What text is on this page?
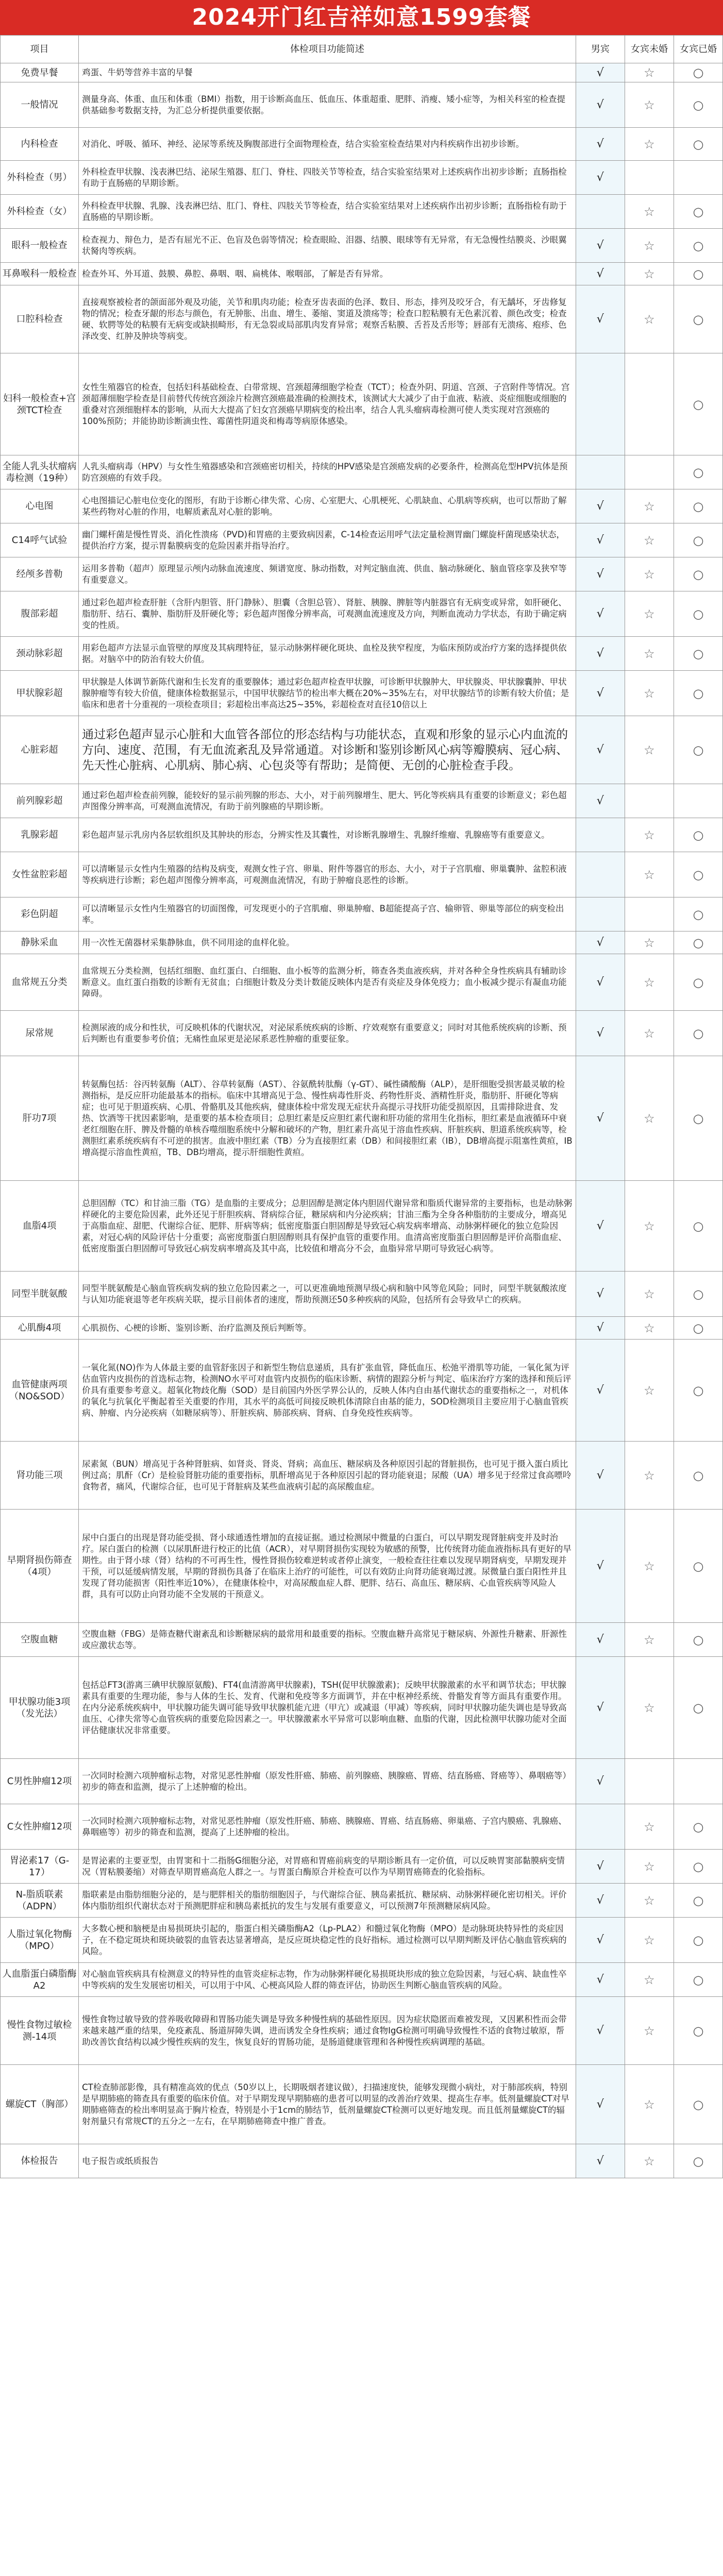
2024开门红吉祥如意1599套餐
项目	体检项目功能简述	男宾	女宾未婚	女宾已婚
免费早餐	鸡蛋、牛奶等营养丰富的早餐	√	☆	○
一般情况	测量身高、体重、血压和体重（BMI）指数，用于诊断高血压、低血压、体重超重、肥胖、消瘦、矮小症等，为相关科室的检查提供基础参考数据支持，为汇总分析提供重要依据。	√	☆	○
内科检查	对消化、呼吸、循环、神经、泌尿等系统及胸腹部进行全面物理检查，结合实验室检查结果对内科疾病作出初步诊断。	√	☆	○
外科检查（男）	外科检查甲状腺、浅表淋巴结、泌尿生殖器、肛门、脊柱、四肢关节等检查，结合实验室结果对上述疾病作出初步诊断；直肠指检有助于直肠癌的早期诊断。	√		
外科检查（女）	外科检查甲状腺、乳腺、浅表淋巴结、肛门、脊柱、四肢关节等检查，结合实验室结果对上述疾病作出初步诊断；直肠指检有助于直肠癌的早期诊断。		☆	○
眼科一般检查	检查视力、辩色力，是否有屈光不正、色盲及色弱等情况；检查眼睑、泪器、结膜、眼球等有无异常，有无急慢性结膜炎、沙眼翼状胬肉等疾病。	√	☆	○
耳鼻喉科一般检查	检查外耳、外耳道、鼓膜、鼻腔、鼻咽、咽、扁桃体、喉咽部，了解是否有异常。	√	☆	○
口腔科检查	直接观察被检者的颌面部外观及功能，关节和肌肉功能；检查牙齿表面的色泽、数目、形态，排列及咬牙合，有无龋坏，牙齿修复物的情况；检查牙龈的形态与颜色，有无肿胀、出血、增生、萎缩、窦道及溃疡等；检查口腔粘膜有无色素沉着、颜色改变；检查硬、软腭等处的粘膜有无病变或缺损畸形，有无急裂或局部肌肉发育异常；观察舌粘膜、舌苔及舌形等；唇部有无溃疡、疱疹、色泽改变、红肿及肿块等病变。	√	☆	○
妇科一般检查+宫颈TCT检查	女性生殖器官的检查，包括妇科基础检查、白带常规、宫颈超薄细胞学检查（TCT）；检查外阴、阴道、宫颈、子宫附件等情况。宫颈超薄细胞学检查是目前替代传统宫颈涂片检测宫颈癌最准确的检测技术，该测试大大减少了由于血液、粘液、炎症细胞或细胞的重叠对宫颈细胞样本的影响，从而大大提高了妇女宫颈癌早期病变的检出率，结合人乳头瘤病毒检测可使人类实现对宫颈癌的100%预防；并能协助诊断滴虫性、霉菌性阴道炎和梅毒等病原体感染。			○
全能人乳头状瘤病毒检测（19种）	人乳头瘤病毒（HPV）与女性生殖器感染和宫颈癌密切相关，持续的HPV感染是宫颈癌发病的必要条件，检测高危型HPV抗体是预防宫颈癌的有效手段。			○
心电图	心电图描记心脏电位变化的图形，有助于诊断心律失常、心房、心室肥大、心肌梗死、心肌缺血、心肌病等疾病，也可以帮助了解某些药物对心脏的作用，电解质紊乱对心脏的影响。	√	☆	○
C14呼气试验	幽门螺杆菌是慢性胃炎、消化性溃疡（PVD)和胃癌的主要致病因素，C-14检查运用呼气法定量检测胃幽门螺旋杆菌现感染状态，提供治疗方案，提示胃黏膜病变的危险因素并指导治疗。	√	☆	○
经颅多普勒	运用多普勒（超声）原理显示颅内动脉血流速度、频谱宽度、脉动指数，对判定脑血流、供血、脑动脉硬化、脑血管痉挛及狭窄等有重要意义。	√	☆	○
腹部彩超	通过彩色超声检查肝脏（含肝内胆管、肝门静脉）、胆囊（含胆总管）、肾脏、胰腺、脾脏等内脏器官有无病变或异常，如肝硬化、脂肪肝、结石、囊肿、脂肪肝及肝硬化等；彩色超声图像分辨率高，可观测血流速度及方向，判断血流动力学状态，有助于确定病变的性质。	√	☆	○
颈动脉彩超	用彩色超声方法显示血管壁的厚度及其病理特征，显示动脉粥样硬化斑块、血栓及狭窄程度，为临床预防或治疗方案的选择提供依据。对脑卒中的防治有较大价值。	√	☆	○
甲状腺彩超	甲状腺是人体调节新陈代谢和生长发育的重要腺体；通过彩色超声检查甲状腺，可诊断甲状腺肿大、甲状腺炎、甲状腺囊肿、甲状腺肿瘤等有较大价值，健康体检数据显示，中国甲状腺结节的检出率大概在20%~35%左右，对甲状腺结节的诊断有较大价值；是临床和患者十分重视的一项检查项目；彩超检出率高达25~35%，彩超检查对直径10倍以上	√	☆	○
心脏彩超	通过彩色超声显示心脏和大血管各部位的形态结构与功能状态，直观和形象的显示心内血流的方向、速度、范围，有无血流紊乱及异常通道。对诊断和鉴别诊断风心病等瓣膜病、冠心病、先天性心脏病、心肌病、肺心病、心包炎等有帮助；是简便、无创的心脏检查手段。	√	☆	○
前列腺彩超	通过彩色超声检查前列腺，能较好的显示前列腺的形态、大小，对于前列腺增生、肥大、钙化等疾病具有重要的诊断意义；彩色超声图像分辨率高，可观测血流情况，有助于前列腺癌的早期诊断。	√		
乳腺彩超	彩色超声显示乳房内各层软组织及其肿块的形态，分辨实性及其囊性，对诊断乳腺增生、乳腺纤维瘤、乳腺癌等有重要意义。		☆	○
女性盆腔彩超	可以清晰显示女性内生殖器的结构及病变，观测女性子宫、卵巢、附件等器官的形态、大小，对于子宫肌瘤、卵巢囊肿、盆腔积液等疾病进行诊断；彩色超声图像分辨率高，可观测血流情况，有助于肿瘤良恶性的诊断。		☆	○
彩色阴超	可以清晰显示女性内生殖器官的切面图像，可发现更小的子宫肌瘤、卵巢肿瘤、B超能提高子宫、输卵管、卵巢等部位的病变检出率。			○
静脉采血	用一次性无菌器材采集静脉血，供不同用途的血样化验。	√	☆	○
血常规五分类	血常规五分类检测，包括红细胞、血红蛋白、白细胞、血小板等的监测分析，筛查各类血液疾病，并对各种全身性疾病具有辅助诊断意义。血红蛋白指数的诊断有无贫血；白细胞计数及分类计数能反映体内是否有炎症及身体免疫力；血小板减少提示有凝血功能障碍。	√	☆	○
尿常规	检测尿液的成分和性状，可反映机体的代谢状况，对泌尿系统疾病的诊断、疗效观察有重要意义；同时对其他系统疾病的诊断、预后判断也有重要参考价值；无痛性血尿更是泌尿系恶性肿瘤的重要征象。	√	☆	○
肝功7项	转氨酶包括：谷丙转氨酶（ALT）、谷草转氨酶（AST）、谷氨酰转肽酶（γ-GT）、碱性磷酸酶（ALP），是肝细胞受损害最灵敏的检测指标，是反应肝功能最基本的指标。临床中其增高见于急、慢性病毒性肝炎、药物性肝炎、酒精性肝炎，脂肪肝、肝硬化等病症；也可见于胆道疾病、心肌、骨骼肌及其他疾病，健康体检中常发现无症状升高提示寻找肝功能受损原因，且需排除进食、发热、饮酒等干扰因素影响，是重要的基本检查项目；总胆红素是反应胆红素代谢和肝功能的常用生化指标，胆红素是血液循环中衰老红细胞在肝、脾及骨髓的单核吞噬细胞系统中分解和破坏的产物，胆红素升高见于溶血性疾病、肝脏疾病、胆道系统疾病等，检测胆红素系统疾病有不可逆的损害。血液中胆红素（TB）分为直接胆红素（DB）和间接胆红素（IB），DB增高提示阻塞性黄疸，IB增高提示溶血性黄疸，TB、DB均增高，提示肝细胞性黄疸。	√	☆	○
血脂4项	总胆固醇（TC）和甘油三脂（TG）是血脂的主要成分；总胆固醇是测定体内胆固代谢异常和脂质代谢异常的主要指标，也是动脉粥样硬化的主要危险因素，此外还见于肝胆疾病、肾病综合征，糖尿病和内分泌疾病；甘油三酯为全身各种脂肪的主要成分，增高见于高脂血症、甜肥、代谢综合征、肥胖、肝病等病；低密度脂蛋白胆固醇是导致冠心病发病率增高、动脉粥样硬化的独立危险因素，对冠心病的风险评估十分重要；高密度脂蛋白胆固醇则具有保护血管的重要作用。血清高密度脂蛋白胆固醇是评价高脂血症、低密度脂蛋白胆固醇可导致冠心病发病率增高及其中高，比较值和增高分不会，血脂异常早期可导致冠心病等。	√	☆	○
同型半胱氨酸	同型半胱氨酸是心脑血管疾病发病的独立危险因素之一，可以更准确地预测早级心病和脑中风等危风险；同时，同型半胱氨酸浓度与认知功能衰退等老年疾病关联，提示目前体者的速度，帮助预测还50多种疾病的风险，包括所有会导致早亡的疾病。	√	☆	○
心肌酶4项	心肌损伤、心梗的诊断、鉴别诊断、治疗监测及预后判断等。	√	☆	○
血管健康两项（NO&SOD）	一氧化氮(NO)作为人体最主要的血管舒张因子和新型生物信息递质，具有扩张血管，降低血压、松弛平滑肌等功能，一氧化氮为评估血管内皮损伤的首选标志物，检测NO水平可对血管内皮损伤的临床诊断、病情的跟踪分析与判定、临床治疗方案的选择和预后评价具有重要参考意义。超氧化物歧化酶（SOD）是目前国内外医学界公认的，反映人体内自由基代谢状态的重要指标之一，对机体的氧化与抗氧化平衡起着至关重要的作用，其水平的高低可间接反映机体清除自由基的能力，SOD检测项目主要应用于心脑血管疾病、肿瘤、内分泌疾病（如糖尿病等）、肝脏疾病、肺部疾病、肾病、自身免疫性疾病等。	√	☆	○
肾功能三项	尿素氮（BUN）增高见于各种肾脏病、如肾炎、肾炎、肾病；高血压、糖尿病及各种原因引起的肾脏损伤，也可见于摄入蛋白质比例过高；肌酐（Cr）是检验肾脏功能的重要指标，肌酐增高见于各种原因引起的肾功能衰退；尿酸（UA）增多见于经常过食高嘌呤食物者，痛风，代谢综合征，也可见于肾脏病及某些血液病引起的高尿酸血症。	√	☆	○
早期肾损伤筛查（4项）	尿中白蛋白的出现是肾功能受损、肾小球通透性增加的直接证据。通过检测尿中微量的白蛋白，可以早期发现肾脏病变并及时治疗。尿白蛋白的检测（以尿肌酐进行校正的比值（ACR），对早期肾损伤实现较为敏感的预警，比传统肾功能血液指标具有更好的早期性。由于肾小球（肾）结构的不可再生性，慢性肾损伤较难逆转或者停止演变，一般检查往往难以发现早期肾病变，早期发现并干预，可以延缓病情发展，早期的肾损伤具备了在临床上治疗的可能性，可以有效防止向肾功能衰竭过渡。尿微量白蛋白阳性并且发现了肾功能损害（阳性率近10%），在健康体检中，对高尿酸血症人群、肥胖、结石、高血压、糖尿病、心血管疾病等风险人群，具有可以防止向肾功能不全发展的干预意义。	√	☆	○
空腹血糖	空腹血糖（FBG）是筛查糖代谢紊乱和诊断糖尿病的最常用和最重要的指标。空腹血糖升高常见于糖尿病、外源性升糖素、肝源性或应激状态等。	√	☆	○
甲状腺功能3项（发光法）	包括总FT3(游离三碘甲状腺原氨酸)、FT4(血清游离甲状腺素)，TSH(促甲状腺激素)；反映甲状腺激素的水平和调节状态；甲状腺素具有重要的生理功能，参与人体的生长、发育、代谢和免疫等多方面调节，并在中枢神经系统、骨骼发育等方面具有重要作用。在内分泌系统疾病中，甲状腺功能失调可能导致甲状腺机能亢进（甲亢）或减退（甲减）等疾病，同时甲状腺功能失调也是导致高血压、心律失常等心血管疾病的重要危险因素之一。甲状腺激素水平异常可以影响血糖、血脂的代谢，因此检测甲状腺功能对全面评估健康状况非常重要。	√	☆	○
C男性肿瘤12项	一次同时检测六项肿瘤标志物，对常见恶性肿瘤（原发性肝癌、肺癌、前列腺癌、胰腺癌、胃癌、结直肠癌、肾癌等）、鼻咽癌等）初步的筛查和监测，提示了上述肿瘤的检出。	√		
C女性肿瘤12项	一次同时检测六项肿瘤标志物，对常见恶性肿瘤（原发性肝癌、肺癌、胰腺癌、胃癌、结直肠癌、卵巢癌、子宫内膜癌、乳腺癌、鼻咽癌等）初步的筛查和监测，提高了上述肿瘤的检出。		☆	○
胃泌素17（G-17）	是胃泌素的主要亚型，由胃窦和十二指肠G细胞分泌，对胃癌和胃癌前病变的早期诊断具有一定价值，可以反映胃窦部黏膜病变情况（胃粘膜萎缩）对筛查早期胃癌高危人群之一。与胃蛋白酶原合并检查可以作为早期胃癌筛查的化验指标。	√	☆	○
N-脂质联素（ADPN）	脂联素是由脂肪细胞分泌的，是与肥胖相关的脂肪细胞因子，与代谢综合征、胰岛素抵抗、糖尿病、动脉粥样硬化密切相关。评价体内脂肪组织代谢状态对于预测肥胖症和胰岛素抵抗的发生与发展有重要意义，可以预测7年预测糖尿病风险。	√	☆	○
人脂过氧化物酶（MPO）	大多数心梗和脑梗是由易损斑块引起的，脂蛋白相关磷脂酶A2（Lp-PLA2）和髓过氧化物酶（MPO）是动脉斑块特异性的炎症因子，在不稳定斑块和斑块破裂的血管表达显著增高，是反应斑块稳定性的良好指标。通过检测可以早期判断及评估心脑血管疾病的风险。	√	☆	○
人血脂蛋白磷脂酶A2	对心脑血管疾病具有检测意义的特异性的血管炎症标志物，作为动脉粥样硬化易损斑块形成的独立危险因素，与冠心病、缺血性卒中等疾病的发生发展密切相关，可以用于中风、心梗高风险人群的筛查评估，协助医生判断心脑血管疾病的风险。	√	☆	○
慢性食物过敏检测-14项	慢性食物过敏导致的营养吸收障碍和胃肠功能失调是导致多种慢性病的基础性原因。因为症状隐匿而难被发现，又因累积性而会带来越来越严重的结果，免疫紊乱、肠道屏障失调，进而诱发全身性疾病；通过食物IgG检测可明确导致慢性不适的食物过敏原，帮助改善饮食结构以减少慢性疾病的发生，恢复良好的胃肠功能，是肠道健康管理和各种慢性疾病调理的基础。	√	☆	○
螺旋CT（胸部）	CT检查肺部影像，具有精准高效的优点（50岁以上，长期吸烟者建议做），扫描速度快，能够发现微小病灶，对于肺部疾病，特别是早期肺癌的筛查具有重要的临床价值。对于早期发现早期肺癌的患者可以明显的改善治疗效果、提高生存率。低剂量螺旋CT对早期肺癌筛查的检出率明显高于胸片检查，特别是小于1cm的肺结节，低剂量螺旋CT检测可以更好地发现。而且低剂量螺旋CT的辐射剂量只有常规CT的五分之一左右，在早期肺癌筛查中推广普查。	√	☆	○
体检报告	电子报告或纸质报告	√	☆	○
